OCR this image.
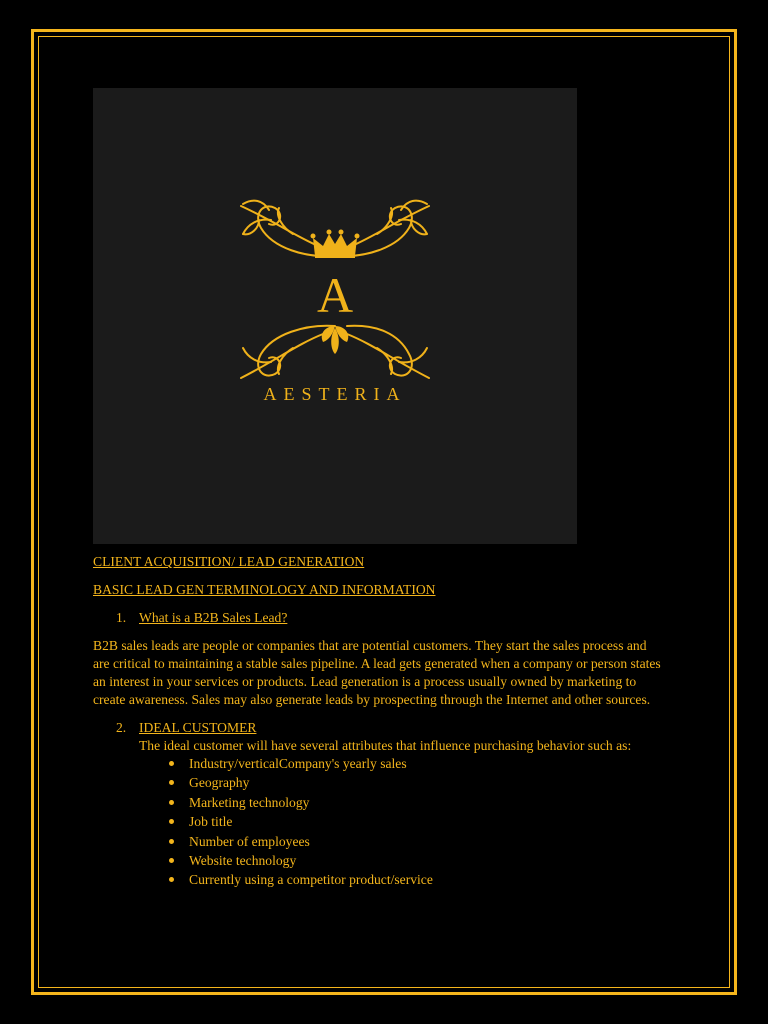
A
AESTERIA

CLIENT ACQUISITION/ LEAD GENERATION

BASIC LEAD GEN TERMINOLOGY AND INFORMATION

1. What is a B2B Sales Lead?

B2B sales leads are people or companies that are potential customers. They start the sales process and are critical to maintaining a stable sales pipeline. A lead gets generated when a company or person states an interest in your services or products. Lead generation is a process usually owned by marketing to create awareness. Sales may also generate leads by prospecting through the Internet and other sources.

2. IDEAL CUSTOMER

The ideal customer will have several attributes that influence purchasing behavior such as:

Industry/verticalCompany's yearly sales
Geography
Marketing technology
Job title
Number of employees
Website technology
Currently using a competitor product/service
